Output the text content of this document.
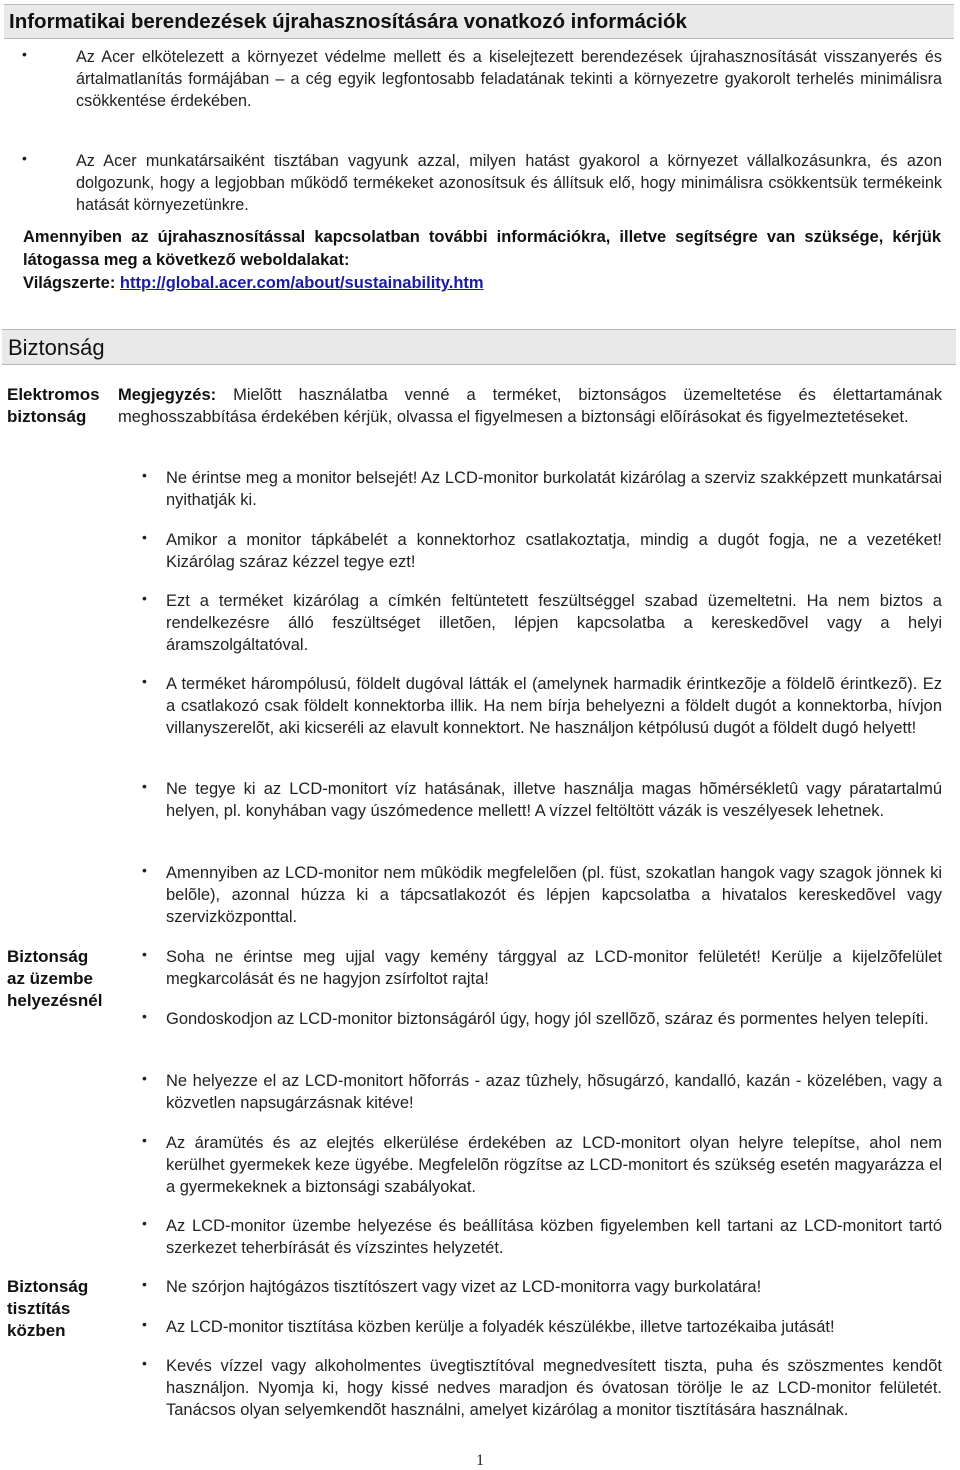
Informatikai berendezések újrahasznosítására vonatkozó információk
•	Az Acer elkötelezett a környezet védelme mellett és a kiselejtezett berendezések újrahasznosítását visszanyerés és ártalmatlanítás formájában – a cég egyik legfontosabb feladatának tekinti a környezetre gyakorolt terhelés minimálisra csökkentése érdekében.
•	Az Acer munkatársaiként tisztában vagyunk azzal, milyen hatást gyakorol a környezet vállalkozásunkra, és azon dolgozunk, hogy a legjobban működő termékeket azonosítsuk és állítsuk elő, hogy minimálisra csökkentsük termékeink hatását környezetünkre.
Amennyiben az újrahasznosítással kapcsolatban további információkra, illetve segítségre van szüksége, kérjük látogassa meg a következő weboldalakat:
Világszerte: http://global.acer.com/about/sustainability.htm
Biztonság
Elektromos
biztonság
Megjegyzés: Mielõtt használatba venné a terméket, biztonságos üzemeltetése és élettartamának meghosszabbítása érdekében kérjük, olvassa el figyelmesen a biztonsági elõírásokat és figyelmeztetéseket.
• Ne érintse meg a monitor belsejét! Az LCD-monitor burkolatát kizárólag a szerviz szakképzett munkatársai nyithatják ki.
• Amikor a monitor tápkábelét a konnektorhoz csatlakoztatja, mindig a dugót fogja, ne a vezetéket! Kizárólag száraz kézzel tegye ezt!
• Ezt a terméket kizárólag a címkén feltüntetett feszültséggel szabad üzemeltetni. Ha nem biztos a rendelkezésre álló feszültséget illetõen, lépjen kapcsolatba a kereskedõvel vagy a helyi áramszolgáltatóval.
• A terméket hárompólusú, földelt dugóval látták el (amelynek harmadik érintkezõje a földelõ érintkezõ). Ez a csatlakozó csak földelt konnektorba illik. Ha nem bírja behelyezni a földelt dugót a konnektorba, hívjon villanyszerelõt, aki kicseréli az elavult konnektort. Ne használjon kétpólusú dugót a földelt dugó helyett!
• Ne tegye ki az LCD-monitort víz hatásának, illetve használja magas hõmérsékletû vagy páratartalmú helyen, pl. konyhában vagy úszómedence mellett! A vízzel feltöltött vázák is veszélyesek lehetnek.
• Amennyiben az LCD-monitor nem mûködik megfelelõen (pl. füst, szokatlan hangok vagy szagok jönnek ki belõle), azonnal húzza ki a tápcsatlakozót és lépjen kapcsolatba a hivatalos kereskedõvel vagy szervizközponttal.
Biztonság
az üzembe
helyezésnél
• Soha ne érintse meg ujjal vagy kemény tárggyal az LCD-monitor felületét! Kerülje a kijelzõfelület megkarcolását és ne hagyjon zsírfoltot rajta!
• Gondoskodjon az LCD-monitor biztonságáról úgy, hogy jól szellõzõ, száraz és pormentes helyen telepíti.
• Ne helyezze el az LCD-monitort hõforrás - azaz tûzhely, hõsugárzó, kandalló, kazán - közelében, vagy a közvetlen napsugárzásnak kitéve!
• Az áramütés és az elejtés elkerülése érdekében az LCD-monitort olyan helyre telepítse, ahol nem kerülhet gyermekek keze ügyébe. Megfelelõn rögzítse az LCD-monitort és szükség esetén magyarázza el a gyermekeknek a biztonsági szabályokat.
• Az LCD-monitor üzembe helyezése és beállítása közben figyelemben kell tartani az LCD-monitort tartó szerkezet teherbírását és vízszintes helyzetét.
Biztonság
tisztítás
közben
• Ne szórjon hajtógázos tisztítószert vagy vizet az LCD-monitorra vagy burkolatára!
• Az LCD-monitor tisztítása közben kerülje a folyadék készülékbe, illetve tartozékaiba jutását!
• Kevés vízzel vagy alkoholmentes üvegtisztítóval megnedvesített tiszta, puha és szöszmentes kendõt használjon. Nyomja ki, hogy kissé nedves maradjon és óvatosan törölje le az LCD-monitor felületét. Tanácsos olyan selyemkendõt használni, amelyet kizárólag a monitor tisztítására használnak.
1
